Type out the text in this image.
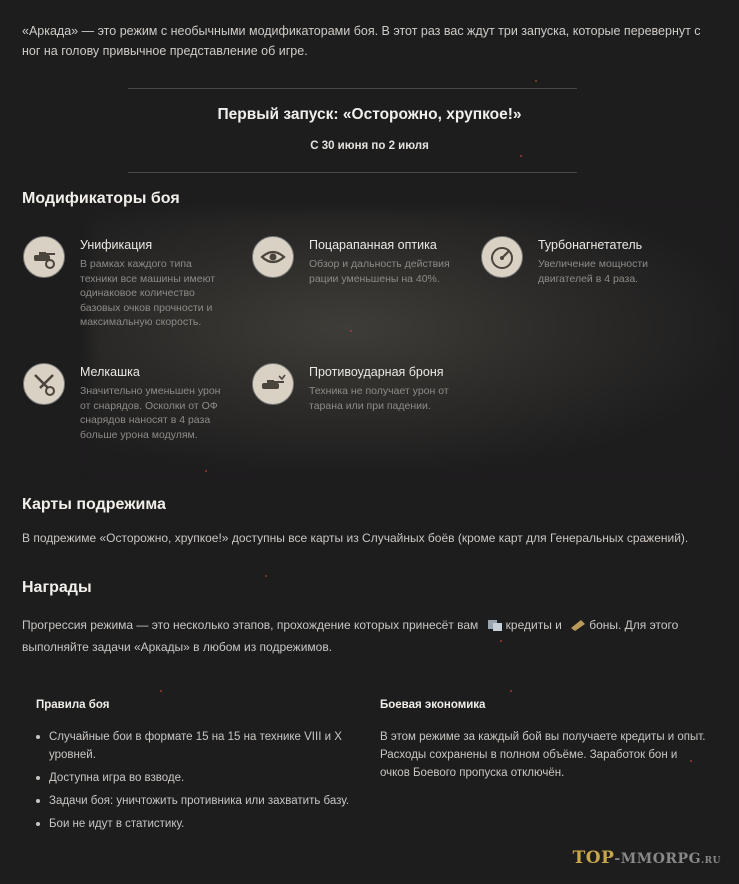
«Аркада» — это режим с необычными модификаторами боя. В этот раз вас ждут три запуска, которые перевернут с ног на голову привычное представление об игре.
Первый запуск: «Осторожно, хрупкое!»
С 30 июня по 2 июля
Модификаторы боя
Унификация
В рамках каждого типа техники все машины имеют одинаковое количество базовых очков прочности и максимальную скорость.
Поцарапанная оптика
Обзор и дальность действия рации уменьшены на 40%.
Турбонагнетатель
Увеличение мощности двигателей в 4 раза.
Мелкашка
Значительно уменьшен урон от снарядов. Осколки от ОФ снарядов наносят в 4 раза больше урона модулям.
Противоударная броня
Техника не получает урон от тарана или при падении.
Карты подрежима
В подрежиме «Осторожно, хрупкое!» доступны все карты из Случайных боёв (кроме карт для Генеральных сражений).
Награды
Прогрессия режима — это несколько этапов, прохождение которых принесёт вам кредиты и боны. Для этого
выполняйте задачи «Аркады» в любом из подрежимов.
Правила боя
Случайные бои в формате 15 на 15 на технике VIII и X уровней.
Доступна игра во взводе.
Задачи боя: уничтожить противника или захватить базу.
Бои не идут в статистику.
Боевая экономика
В этом режиме за каждый бой вы получаете кредиты и опыт. Расходы сохранены в полном объёме. Заработок бон и очков Боевого пропуска отключён.
TOP-MMORPG.RU
